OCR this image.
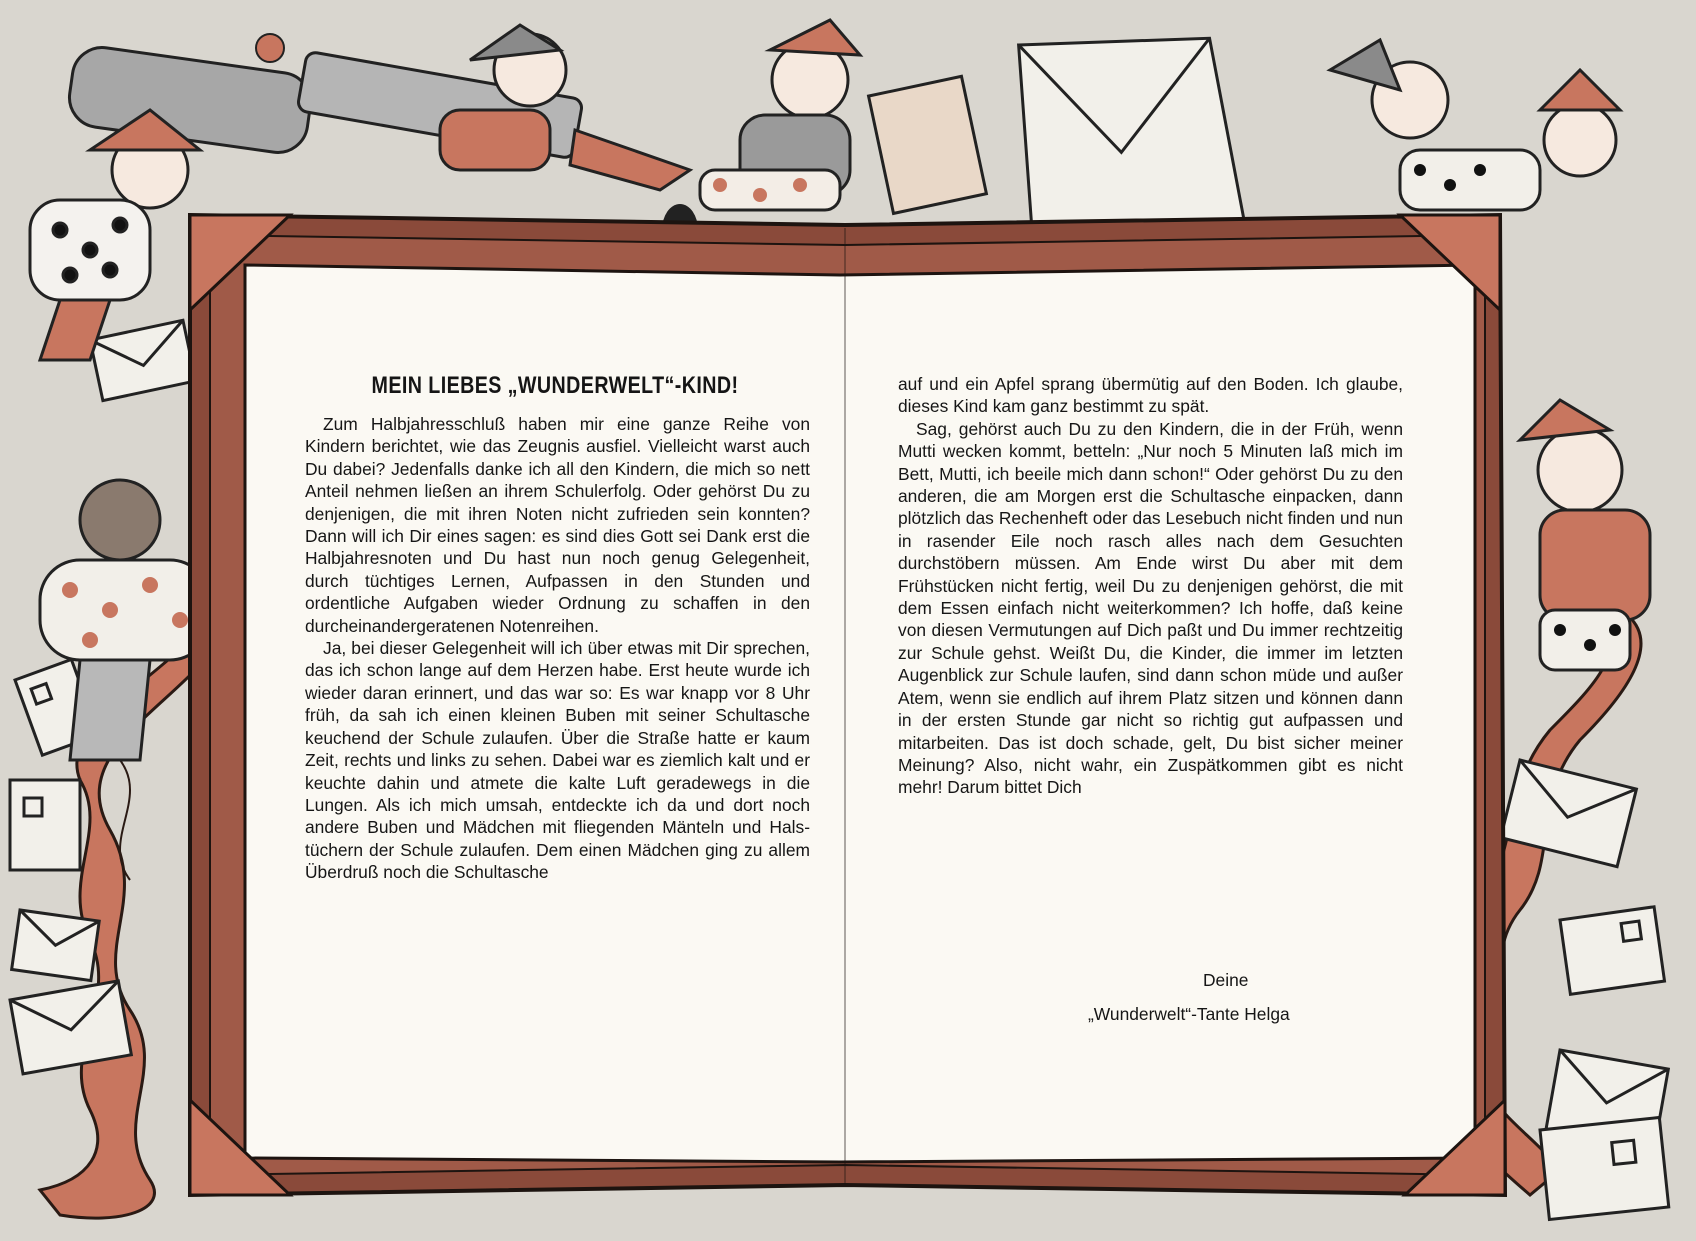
MEIN LIEBES „WUNDERWELT“-KIND!

Zum Halbjahresschluß haben mir eine ganze Reihe von Kindern berichtet, wie das Zeugnis ausfiel. Vielleicht warst auch Du dabei? Jedenfalls danke ich all den Kindern, die mich so nett Anteil nehmen ließen an ihrem Schulerfolg. Oder gehörst Du zu denjenigen, die mit ihren Noten nicht zufrieden sein konnten? Dann will ich Dir eines sagen: es sind dies Gott sei Dank erst die Halbjahresnoten und Du hast nun noch genug Gelegenheit, durch tüchtiges Lernen, Aufpassen in den Stunden und ordentliche Aufgaben wieder Ordnung zu schaffen in den durcheinandergeratenen Notenreihen.

Ja, bei dieser Gelegenheit will ich über etwas mit Dir sprechen, das ich schon lange auf dem Herzen habe. Erst heute wurde ich wieder daran erinnert, und das war so: Es war knapp vor 8 Uhr früh, da sah ich einen kleinen Buben mit seiner Schultasche keuchend der Schule zulaufen. Über die Straße hatte er kaum Zeit, rechts und links zu sehen. Dabei war es ziemlich kalt und er keuchte dahin und atmete die kalte Luft geradewegs in die Lungen. Als ich mich umsah, entdeckte ich da und dort noch andere Buben und Mädchen mit fliegenden Mänteln und Halstüchern der Schule zulaufen. Dem einen Mädchen ging zu allem Überdruß noch die Schultasche

auf und ein Apfel sprang übermütig auf den Boden. Ich glaube, dieses Kind kam ganz bestimmt zu spät.

Sag, gehörst auch Du zu den Kindern, die in der Früh, wenn Mutti wecken kommt, betteln: „Nur noch 5 Minuten laß mich im Bett, Mutti, ich beeile mich dann schon!“ Oder gehörst Du zu den anderen, die am Morgen erst die Schultasche einpacken, dann plötzlich das Rechenheft oder das Lesebuch nicht finden und nun in rasender Eile noch rasch alles nach dem Gesuchten durchstöbern müssen. Am Ende wirst Du aber mit dem Frühstücken nicht fertig, weil Du zu denjenigen gehörst, die mit dem Essen einfach nicht weiterkommen? Ich hoffe, daß keine von diesen Vermutungen auf Dich paßt und Du immer rechtzeitig zur Schule gehst. Weißt Du, die Kinder, die immer im letzten Augenblick zur Schule laufen, sind dann schon müde und außer Atem, wenn sie endlich auf ihrem Platz sitzen und können dann in der ersten Stunde gar nicht so richtig gut aufpassen und mitarbeiten. Das ist doch schade, gelt, Du bist sicher meiner Meinung? Also, nicht wahr, ein Zuspätkommen gibt es nicht mehr! Darum bittet Dich

Deine
„Wunderwelt“-Tante Helga
